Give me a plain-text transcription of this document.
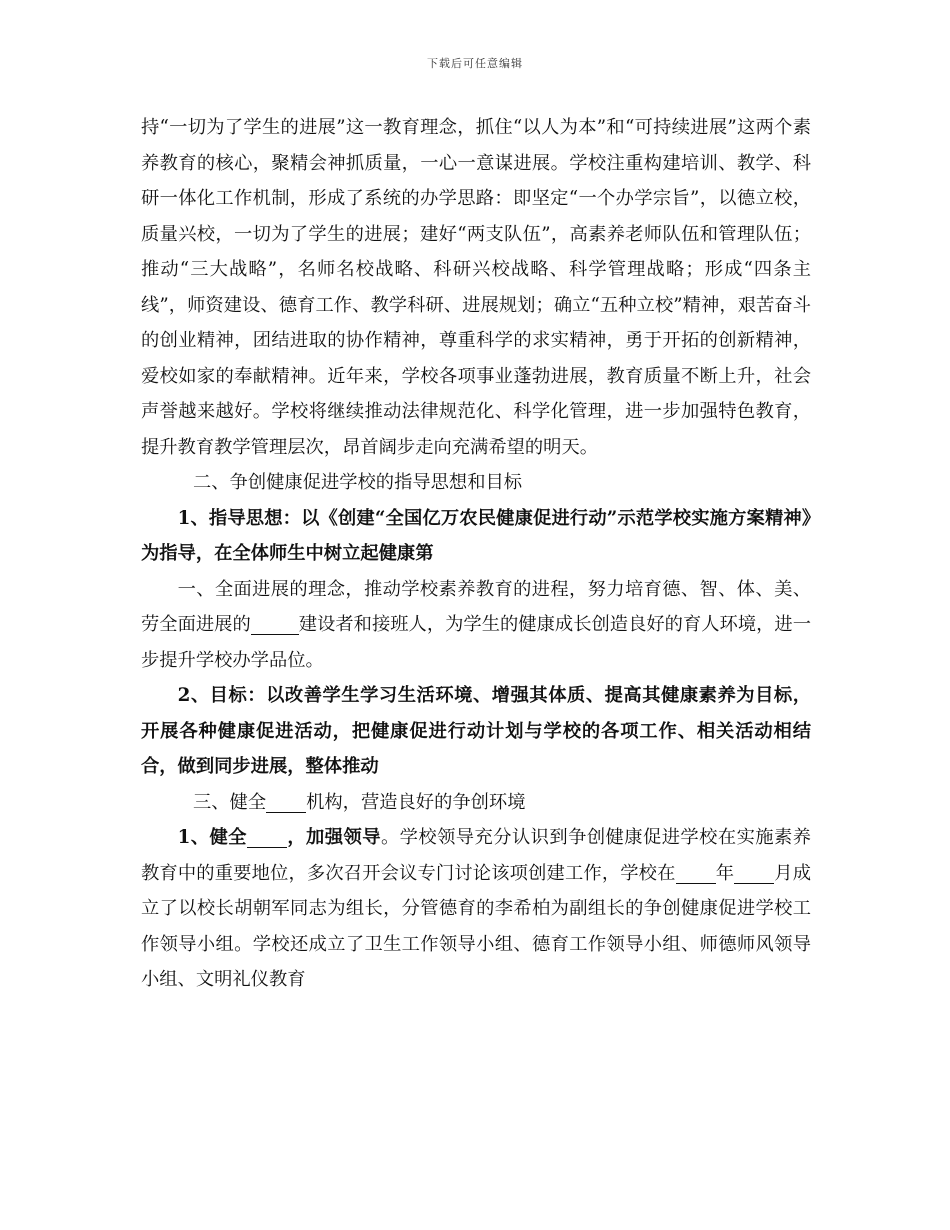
下载后可任意编辑

持“一切为了学生的进展”这一教育理念，抓住“以人为本”和“可持续进展”这两个素养教育的核心，聚精会神抓质量，一心一意谋进展。学校注重构建培训、教学、科研一体化工作机制，形成了系统的办学思路：即坚定“一个办学宗旨”，以德立校，质量兴校，一切为了学生的进展；建好“两支队伍”，高素养老师队伍和管理队伍；推动“三大战略”，名师名校战略、科研兴校战略、科学管理战略；形成“四条主线”，师资建设、德育工作、教学科研、进展规划；确立“五种立校”精神，艰苦奋斗的创业精神，团结进取的协作精神，尊重科学的求实精神，勇于开拓的创新精神，爱校如家的奉献精神。近年来，学校各项事业蓬勃进展，教育质量不断上升，社会声誉越来越好。学校将继续推动法律规范化、科学化管理，进一步加强特色教育，提升教育教学管理层次，昂首阔步走向充满希望的明天。

二、争创健康促进学校的指导思想和目标

1、指导思想：以《创建“全国亿万农民健康促进行动”示范学校实施方案精神》为指导，在全体师生中树立起健康第

一、全面进展的理念，推动学校素养教育的进程，努力培育德、智、体、美、劳全面进展的	建设者和接班人，为学生的健康成长创造良好的育人环境，进一步提升学校办学品位。

2、目标：以改善学生学习生活环境、增强其体质、提高其健康素养为目标，开展各种健康促进活动，把健康促进行动计划与学校的各项工作、相关活动相结合，做到同步进展，整体推动

三、健全 机构，营造良好的争创环境

1、健全 ，加强领导。学校领导充分认识到争创健康促进学校在实施素养教育中的重要地位，多次召开会议专门讨论该项创建工作，学校在 年 月成立了以校长胡朝军同志为组长，分管德育的李希柏为副组长的争创健康促进学校工作领导小组。学校还成立了卫生工作领导小组、德育工作领导小组、师德师风领导小组、文明礼仪教育
